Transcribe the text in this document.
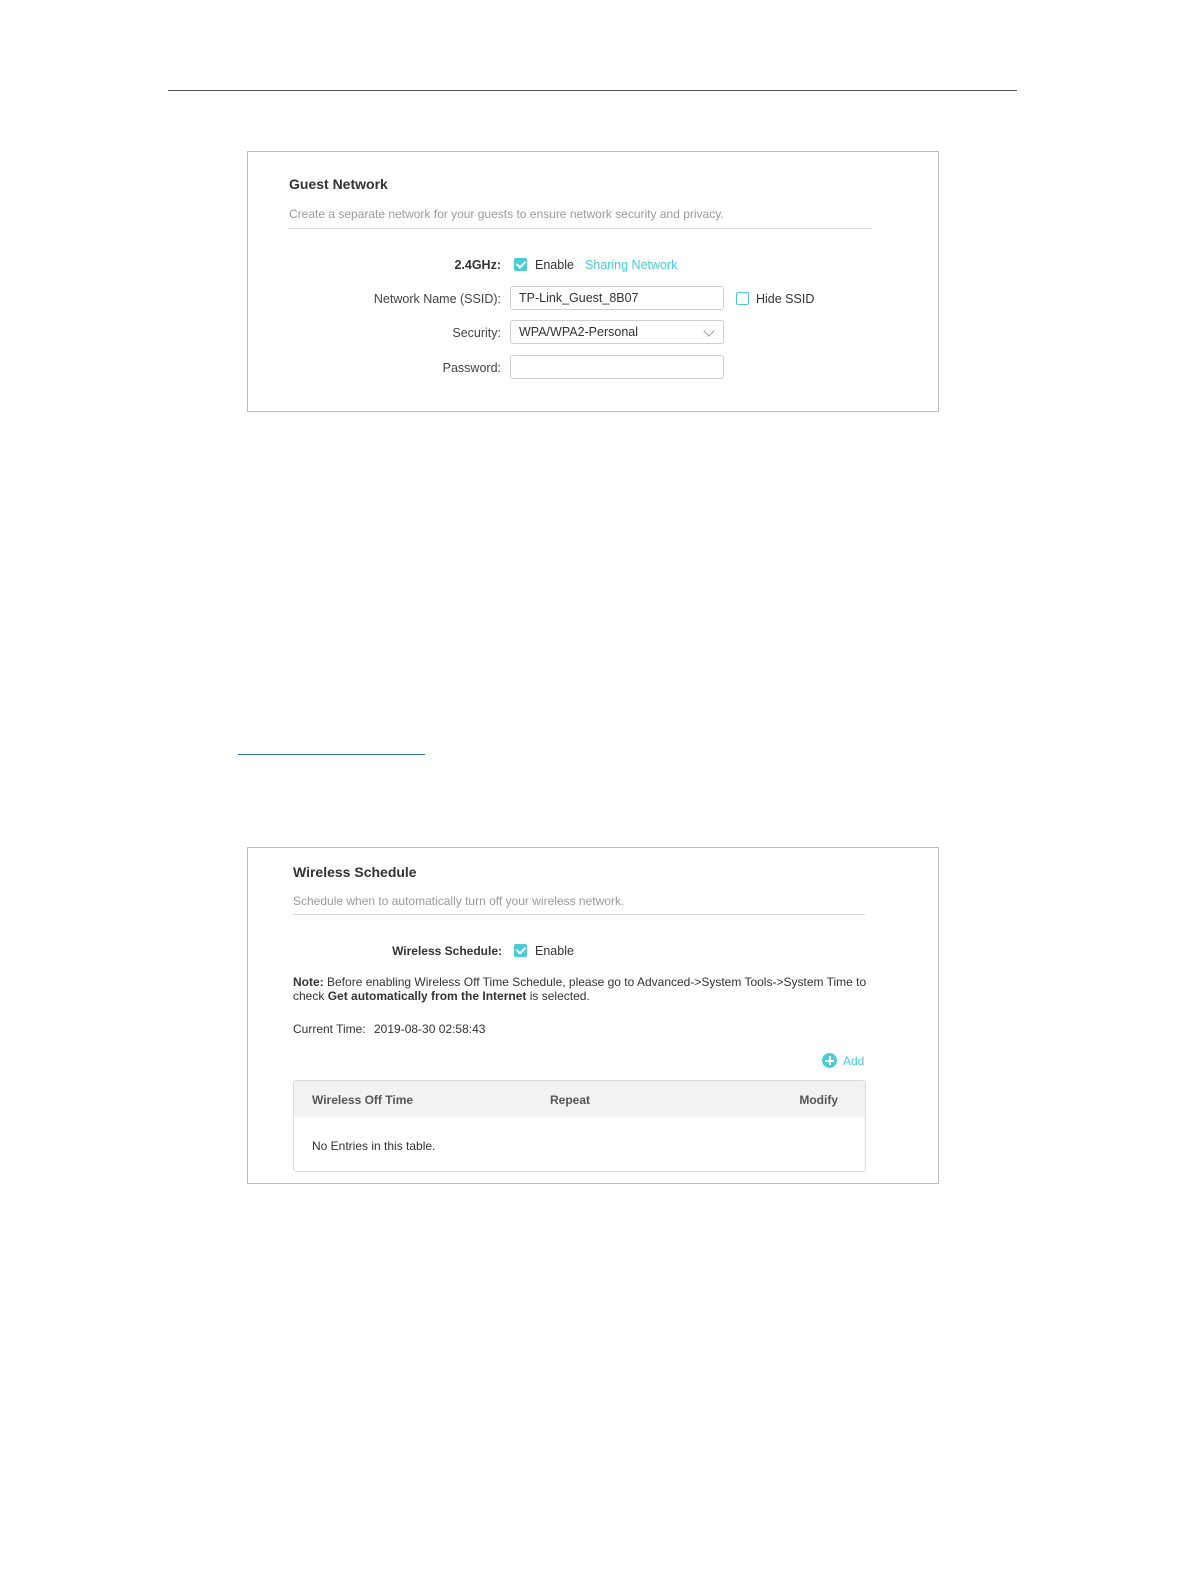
Guest Network
Create a separate network for your guests to ensure network security and privacy.
2.4GHz:	Enable Sharing Network
Network Name (SSID):	TP-Link_Guest_8B07	Hide SSID
Security:	WPA/WPA2-Personal
Password:
Wireless Schedule
Schedule when to automatically turn off your wireless network.
Wireless Schedule:	Enable
Note: Before enabling Wireless Off Time Schedule, please go to Advanced->System Tools->System Time to check Get automatically from the Internet is selected.
Current Time: 2019-08-30 02:58:43
Add
Wireless Off Time	Repeat	Modify
No Entries in this table.
